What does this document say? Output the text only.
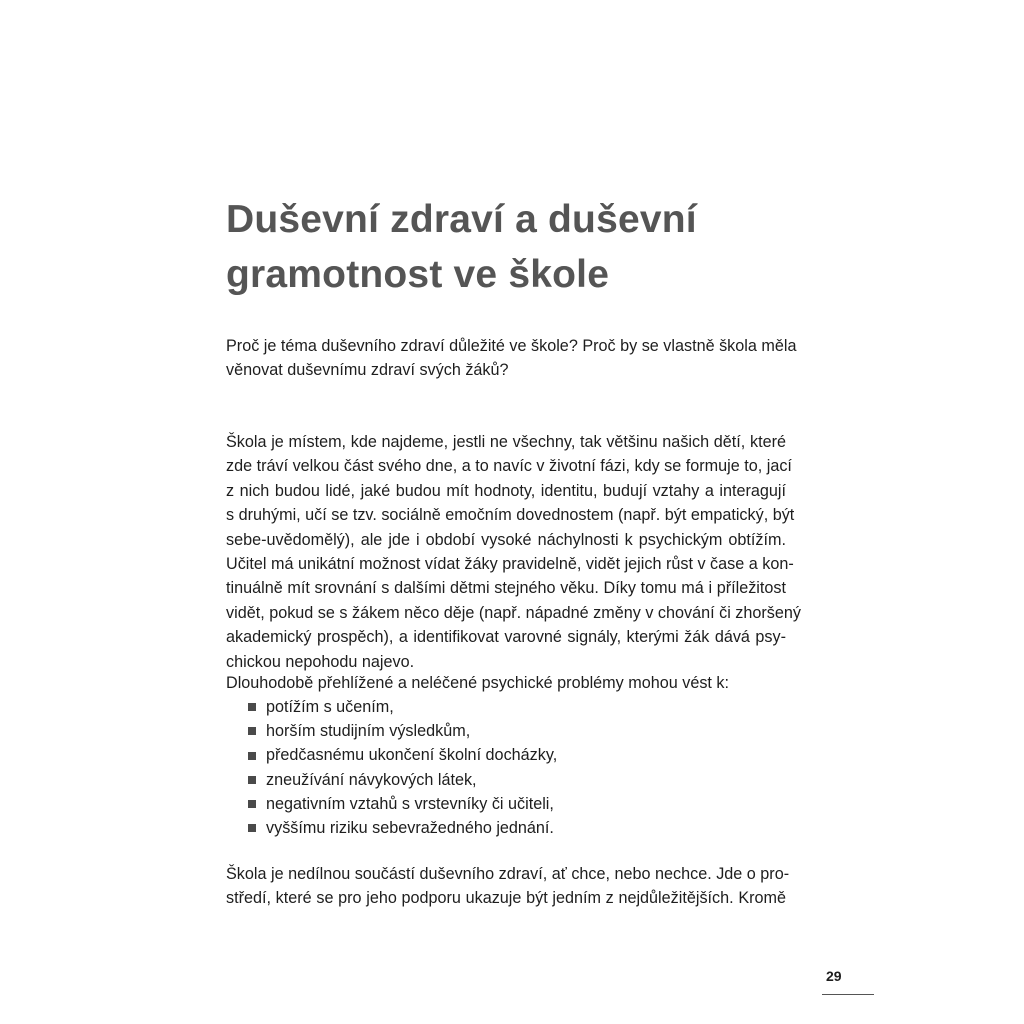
Duševní zdraví a duševní
gramotnost ve škole

Proč je téma duševního zdraví důležité ve škole? Proč by se vlastně škola měla
věnovat duševnímu zdraví svých žáků?

Škola je místem, kde najdeme, jestli ne všechny, tak většinu našich dětí, které
zde tráví velkou část svého dne, a to navíc v životní fázi, kdy se formuje to, jací
z nich budou lidé, jaké budou mít hodnoty, identitu, budují vztahy a interagují
s druhými, učí se tzv. sociálně emočním dovednostem (např. být empatický, být
sebe-uvědomělý), ale jde i období vysoké náchylnosti k psychickým obtížím.
Učitel má unikátní možnost vídat žáky pravidelně, vidět jejich růst v čase a kon-
tinuálně mít srovnání s dalšími dětmi stejného věku. Díky tomu má i příležitost
vidět, pokud se s žákem něco děje (např. nápadné změny v chování či zhoršený
akademický prospěch), a identifikovat varovné signály, kterými žák dává psy-
chickou nepohodu najevo.

Dlouhodobě přehlížené a neléčené psychické problémy mohou vést k:

potížím s učením,
horším studijním výsledkům,
předčasnému ukončení školní docházky,
zneužívání návykových látek,
negativním vztahů s vrstevníky či učiteli,
vyššímu riziku sebevražedného jednání.

Škola je nedílnou součástí duševního zdraví, ať chce, nebo nechce. Jde o pro-
středí, které se pro jeho podporu ukazuje být jedním z nejdůležitějších. Kromě

29
